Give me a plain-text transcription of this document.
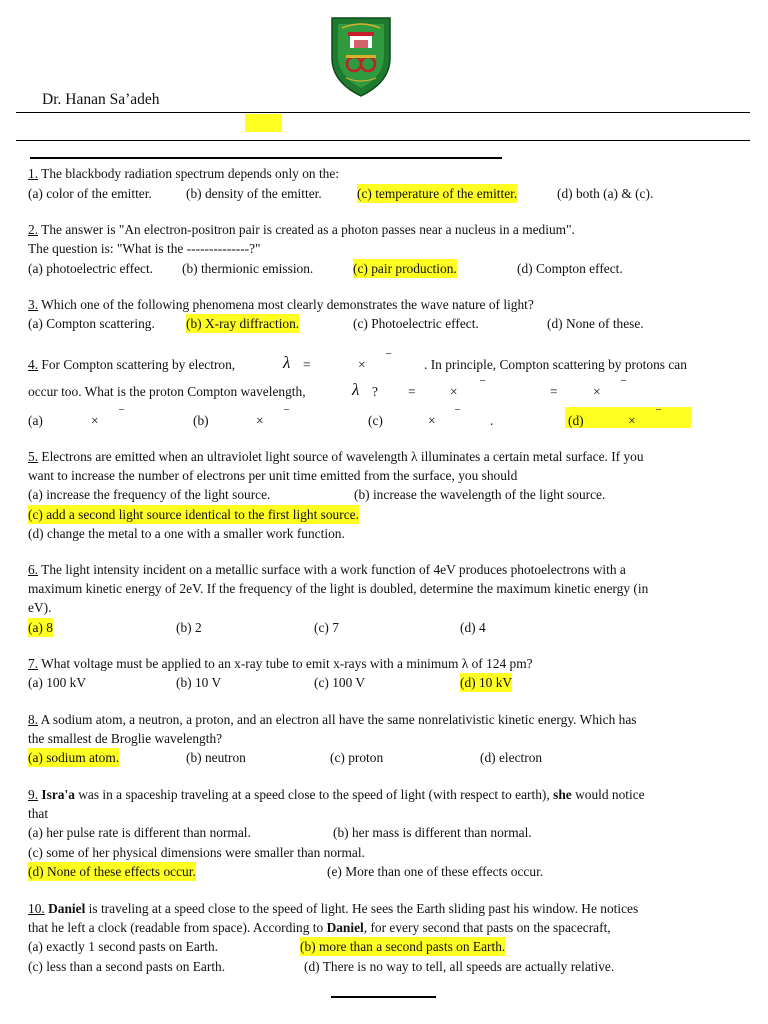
Dr. Hanan Sa’adeh
1. The blackbody radiation spectrum depends only on the:
(a) color of the emitter.	(b) density of the emitter.	(c) temperature of the emitter.	(d) both (a) & (c).
2. The answer is "An electron-positron pair is created as a photon passes near a nucleus in a medium".
The question is: "What is the --------------?"
(a) photoelectric effect. (b) thermionic emission.	(c) pair production.	(d) Compton effect.
3. Which one of the following phenomena most clearly demonstrates the wave nature of light?
(a) Compton scattering. (b) X-ray diffraction.	(c) Photoelectric effect.	(d) None of these.
4. For Compton scattering by electron,	λ =	×
⁻
. In principle, Compton scattering by protons can
occur too. What is the proton Compton wavelength,	λ ? =	×
⁻
=	×
⁻
(a)	×
⁻
(b)	×
⁻
(c)	×
⁻
.	(d)	×
⁻
5. Electrons are emitted when an ultraviolet light source of wavelength λ illuminates a certain metal surface. If you
want to increase the number of electrons per unit time emitted from the surface, you should
(a) increase the frequency of the light source.	(b) increase the wavelength of the light source.
(c) add a second light source identical to the first light source.
(d) change the metal to a one with a smaller work function.
6. The light intensity incident on a metallic surface with a work function of 4eV produces photoelectrons with a
maximum kinetic energy of 2eV. If the frequency of the light is doubled, determine the maximum kinetic energy (in
eV).
(a) 8	(b) 2	(c) 7	(d) 4
7. What voltage must be applied to an x-ray tube to emit x-rays with a minimum λ of 124 pm?
(a) 100 kV	(b) 10 V	(c) 100 V	(d) 10 kV
8. A sodium atom, a neutron, a proton, and an electron all have the same nonrelativistic kinetic energy. Which has
the smallest de Broglie wavelength?
(a) sodium atom.	(b) neutron	(c) proton	(d) electron
9. Isra'a was in a spaceship traveling at a speed close to the speed of light (with respect to earth), she would notice
that
(a) her pulse rate is different than normal.	(b) her mass is different than normal.
(c) some of her physical dimensions were smaller than normal.
(d) None of these effects occur.	(e) More than one of these effects occur.
10. Daniel is traveling at a speed close to the speed of light. He sees the Earth sliding past his window. He notices
that he left a clock (readable from space). According to Daniel, for every second that pasts on the spacecraft,
(a) exactly 1 second pasts on Earth.	(b) more than a second pasts on Earth.
(c) less than a second pasts on Earth.	(d) There is no way to tell, all speeds are actually relative.
